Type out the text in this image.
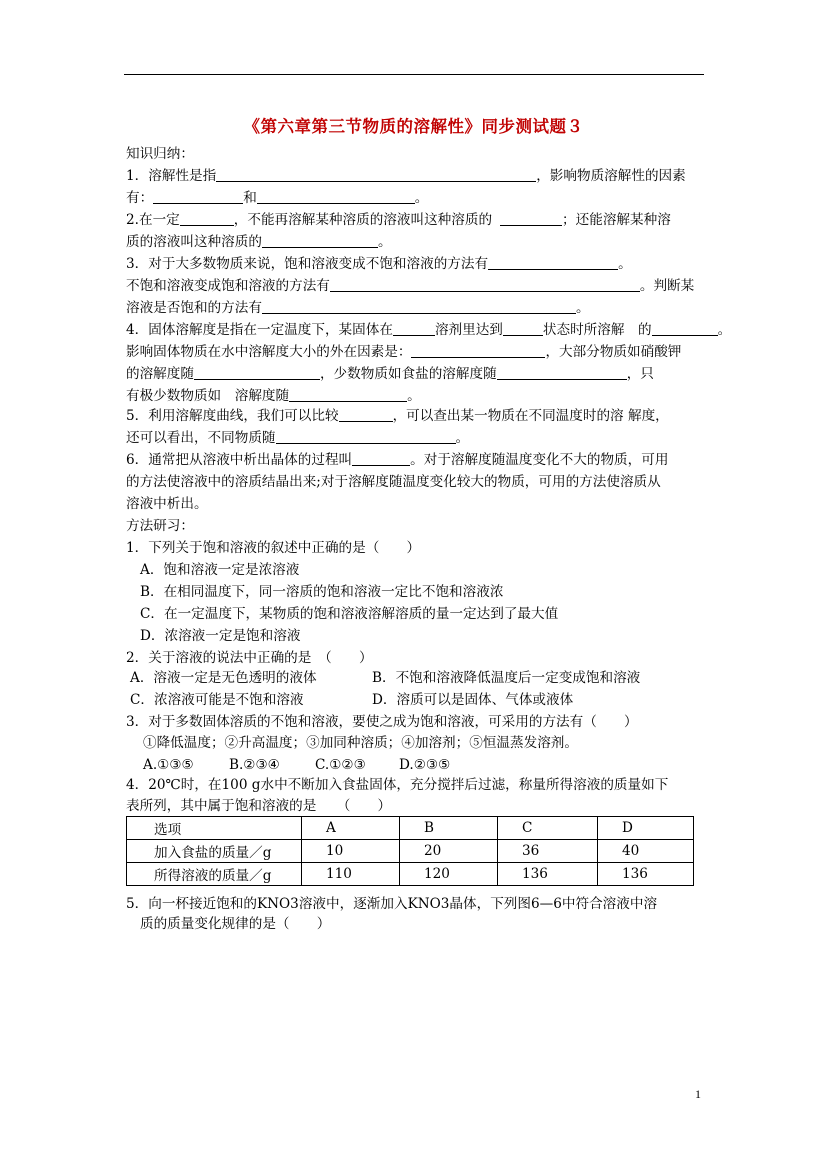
《第六章第三节物质的溶解性》同步测试题３
知识归纳：
1．溶解性是指	，影响物质溶解性的因素
有：	和	。
2.在一定	，不能再溶解某种溶质的溶液叫这种溶质的	；还能溶解某种溶
质的溶液叫这种溶质的	。
3．对于大多数物质来说，饱和溶液变成不饱和溶液的方法有	。
不饱和溶液变成饱和溶液的方法有	。判断某
溶液是否饱和的方法有	。
4．固体溶解度是指在一定温度下，某固体在	溶剂里达到	状态时所溶解　的	。
影响固体物质在水中溶解度大小的外在因素是：	，大部分物质如硝酸钾
的溶解度随	，少数物质如食盐的溶解度随	，只
有极少数物质如　溶解度随	。
5．利用溶解度曲线，我们可以比较	，可以查出某一物质在不同温度时的溶 解度，
还可以看出，不同物质随	。
6．通常把从溶液中析出晶体的过程叫	。对于溶解度随温度变化不大的物质，可用
的方法使溶液中的溶质结晶出来;对于溶解度随温度变化较大的物质，可用的方法使溶质从
溶液中析出。
方法研习：
1．下列关于饱和溶液的叙述中正确的是（　　）
A．饱和溶液一定是浓溶液
B．在相同温度下，同一溶质的饱和溶液一定比不饱和溶液浓
C．在一定温度下，某物质的饱和溶液溶解溶质的量一定达到了最大值
D．浓溶液一定是饱和溶液
2．关于溶液的说法中正确的是　（　　）
A．溶液一定是无色透明的液体	B．不饱和溶液降低温度后一定变成饱和溶液
C．浓溶液可能是不饱和溶液	D．溶质可以是固体、气体或液体
3．对于多数固体溶质的不饱和溶液，要使之成为饱和溶液，可采用的方法有（　　）
①降低温度；②升高温度；③加同种溶质；④加溶剂；⑤恒温蒸发溶剂。
A.①③⑤	B.②③④	C.①②③ D.②③⑤
4．20℃时，在100 g水中不断加入食盐固体，充分搅拌后过滤，称量所得溶液的质量如下
表所列，其中属于饱和溶液的是　　（　　）
选项	A	B	C	D
加入食盐的质量／g	10	20	36	40
所得溶液的质量／g	110	120	136	136
5．向一杯接近饱和的KNO3溶液中，逐渐加入KNO3晶体，下列图6—6中符合溶液中溶
质的质量变化规律的是（　　）
1
